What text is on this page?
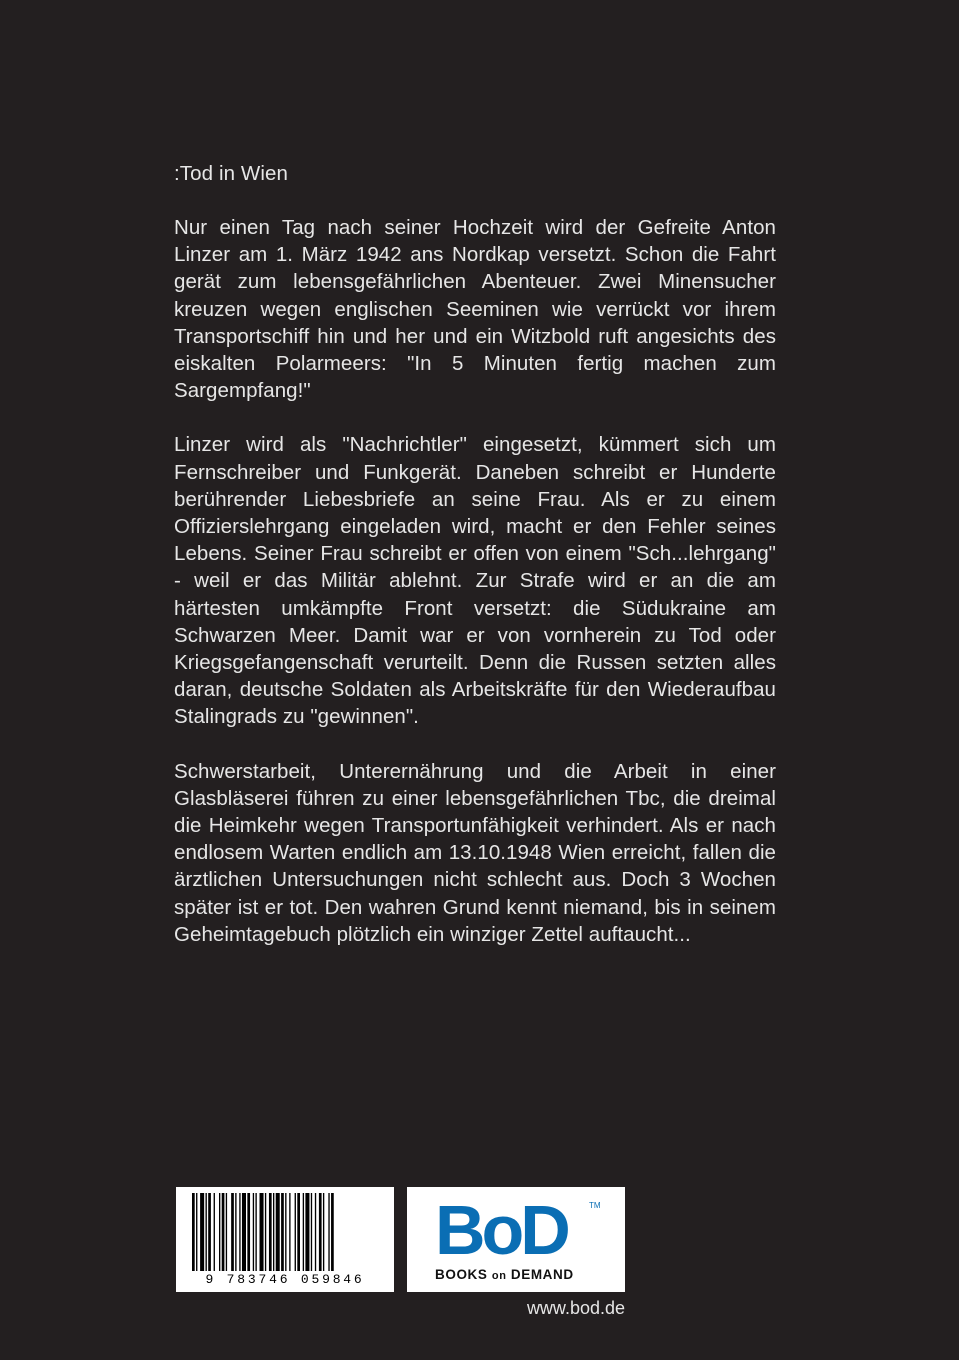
:Tod in Wien

Nur einen Tag nach seiner Hochzeit wird der Gefreite Anton Linzer am 1. März 1942 ans Nordkap versetzt. Schon die Fahrt gerät zum lebensgefährlichen Abenteuer. Zwei Minensucher kreuzen wegen englischen Seeminen wie verrückt vor ihrem Transportschiff hin und her und ein Witzbold ruft angesichts des eiskalten Polarmeers: "In 5 Minuten fertig machen zum Sargempfang!"

Linzer wird als "Nachrichtler" eingesetzt, kümmert sich um Fernschreiber und Funkgerät. Daneben schreibt er Hunderte berührender Liebesbriefe an seine Frau. Als er zu einem Offizierslehrgang eingeladen wird, macht er den Fehler seines Lebens. Seiner Frau schreibt er offen von einem "Sch...lehrgang" - weil er das Militär ablehnt. Zur Strafe wird er an die am härtesten umkämpfte Front versetzt: die Südukraine am Schwarzen Meer. Damit war er von vornherein zu Tod oder Kriegsgefangenschaft verurteilt. Denn die Russen setzten alles daran, deutsche Soldaten als Arbeitskräfte für den Wiederaufbau Stalingrads zu "gewinnen".

Schwerstarbeit, Unterernährung und die Arbeit in einer Glasbläserei führen zu einer lebensgefährlichen Tbc, die dreimal die Heimkehr wegen Transportunfähigkeit verhindert. Als er nach endlosem Warten endlich am 13.10.1948 Wien erreicht, fallen die ärztlichen Untersuchungen nicht schlecht aus. Doch 3 Wochen später ist er tot. Den wahren Grund kennt niemand, bis in seinem Geheimtagebuch plötzlich ein winziger Zettel auftaucht...

9 783746 059846
BoD	TM
BOOKS on DEMAND
www.bod.de
